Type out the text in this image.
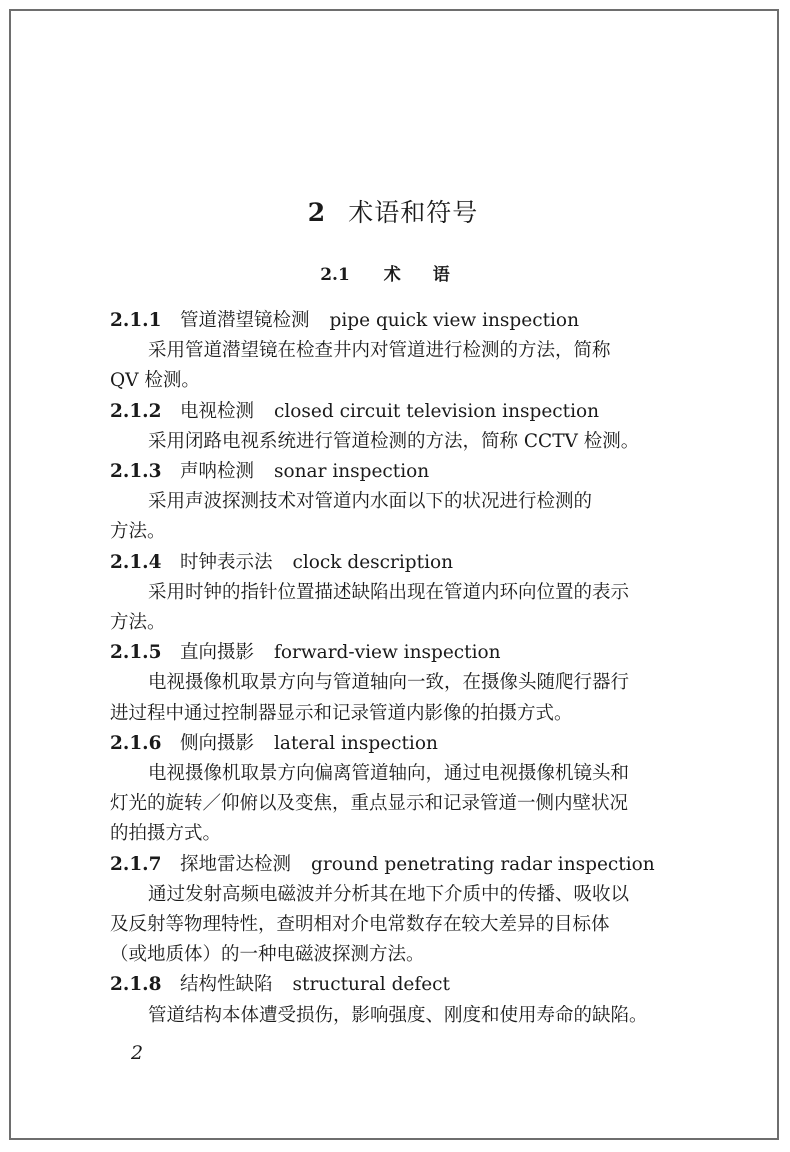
2 术语和符号
2.1 术 语
2.1.1 管道潜望镜检测 pipe quick view inspection
采用管道潜望镜在检查井内对管道进行检测的方法，简称
QV 检测。
2.1.2 电视检测 closed circuit television inspection
采用闭路电视系统进行管道检测的方法，简称 CCTV 检测。
2.1.3 声呐检测 sonar inspection
采用声波探测技术对管道内水面以下的状况进行检测的
方法。
2.1.4 时钟表示法 clock description
采用时钟的指针位置描述缺陷出现在管道内环向位置的表示
方法。
2.1.5 直向摄影 forward-view inspection
电视摄像机取景方向与管道轴向一致，在摄像头随爬行器行
进过程中通过控制器显示和记录管道内影像的拍摄方式。
2.1.6 侧向摄影 lateral inspection
电视摄像机取景方向偏离管道轴向，通过电视摄像机镜头和
灯光的旋转／仰俯以及变焦，重点显示和记录管道一侧内壁状况
的拍摄方式。
2.1.7 探地雷达检测 ground penetrating radar inspection
通过发射高频电磁波并分析其在地下介质中的传播、吸收以
及反射等物理特性，查明相对介电常数存在较大差异的目标体
（或地质体）的一种电磁波探测方法。
2.1.8 结构性缺陷 structural defect
管道结构本体遭受损伤，影响强度、刚度和使用寿命的缺陷。
2
